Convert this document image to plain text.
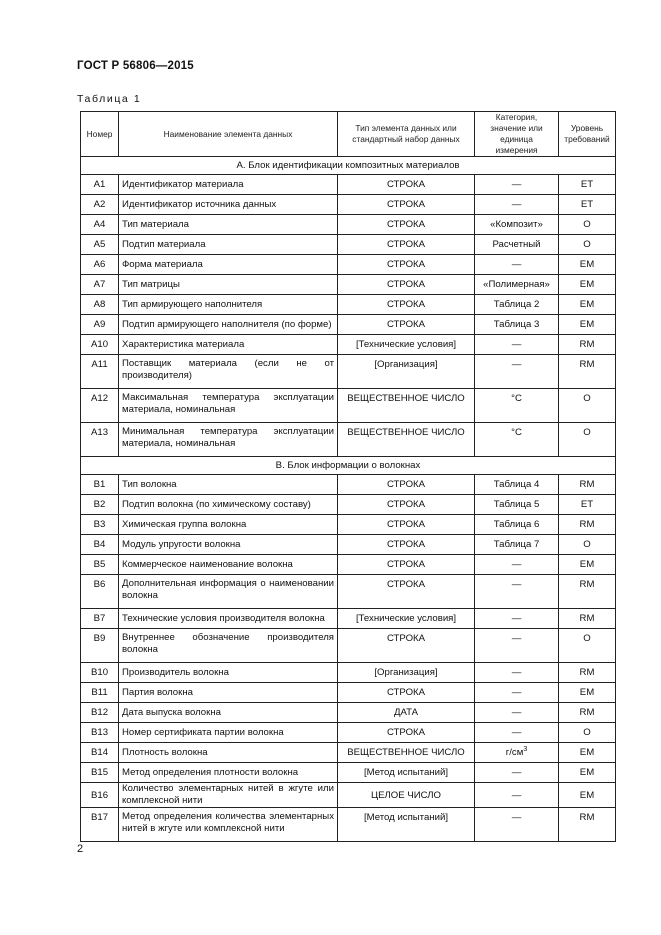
ГОСТ Р 56806—2015
Таблица 1
Номер	Наименование элемента данных	Тип элемента данных или стандартный набор данных	Категория, значение или единица измерения	Уровень требований
А. Блок идентификации композитных материалов				
А1	Идентификатор материала	СТРОКА	—	ЕТ
А2	Идентификатор источника данных	СТРОКА	—	ЕТ
А4	Тип материала	СТРОКА	«Композит»	О
А5	Подтип материала	СТРОКА	Расчетный	О
А6	Форма материала	СТРОКА	—	ЕМ
А7	Тип матрицы	СТРОКА	«Полимерная»	ЕМ
А8	Тип армирующего наполнителя	СТРОКА	Таблица 2	ЕМ
А9	Подтип армирующего наполнителя (по форме)	СТРОКА	Таблица 3	ЕМ
А10	Характеристика материала	[Технические условия]	—	RM
А11	Поставщик материала (если не от производителя)	[Организация]	—	RM
А12	Максимальная температура эксплуатации материала, номинальная	ВЕЩЕСТВЕННОЕ ЧИСЛО	°С	О
А13	Минимальная температура эксплуатации материала, номинальная	ВЕЩЕСТВЕННОЕ ЧИСЛО	°С	О
В. Блок информации о волокнах				
В1	Тип волокна	СТРОКА	Таблица 4	RM
В2	Подтип волокна (по химическому составу)	СТРОКА	Таблица 5	ЕТ
В3	Химическая группа волокна	СТРОКА	Таблица 6	RM
В4	Модуль упругости волокна	СТРОКА	Таблица 7	О
В5	Коммерческое наименование волокна	СТРОКА	—	ЕМ
В6	Дополнительная информация о наименовании волокна	СТРОКА	—	RM
В7	Технические условия производителя волокна	[Технические условия]	—	RM
В9	Внутреннее обозначение производителя волокна	СТРОКА	—	О
В10	Производитель волокна	[Организация]	—	RM
В11	Партия волокна	СТРОКА	—	ЕМ
В12	Дата выпуска волокна	ДАТА	—	RM
В13	Номер сертификата партии волокна	СТРОКА	—	О
В14	Плотность волокна	ВЕЩЕСТВЕННОЕ ЧИСЛО	$г/см^3$	ЕМ
В15	Метод определения плотности волокна	[Метод испытаний]	—	ЕМ
В16	Количество элементарных нитей в жгуте или комплексной нити	ЦЕЛОЕ ЧИСЛО	—	ЕМ
В17	Метод определения количества элементарных нитей в жгуте или комплексной нити	[Метод испытаний]	—	RM
2
